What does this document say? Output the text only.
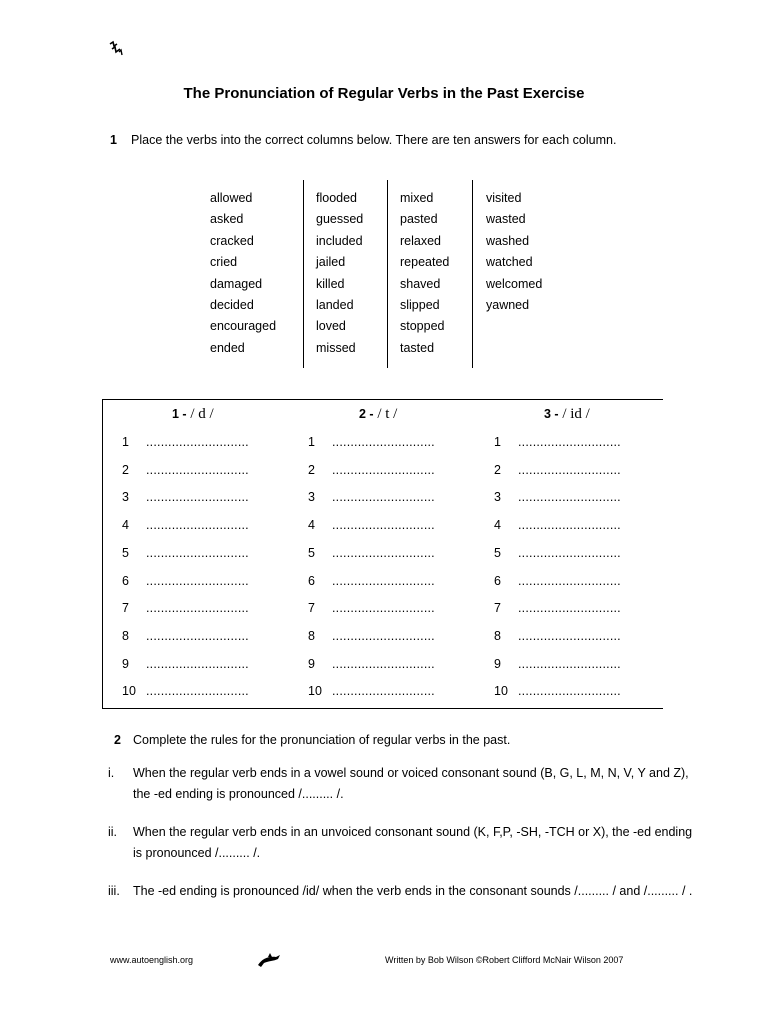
The Pronunciation of Regular Verbs in the Past Exercise
1 Place the verbs into the correct columns below. There are ten answers for each column.
allowed
asked
cracked
cried
damaged
decided
encouraged
ended
flooded
guessed
included
jailed
killed
landed
loved
missed
mixed
pasted
relaxed
repeated
shaved
slipped
stopped
tasted
visited
wasted
washed
watched
welcomed
yawned
1 - / d /
1 ............................
2 ............................
3 ............................
4 ............................
5 ............................
6 ............................
7 ............................
8 ............................
9 ............................
10 ............................
2 - / t /
1 ............................
2 ............................
3 ............................
4 ............................
5 ............................
6 ............................
7 ............................
8 ............................
9 ............................
10 ............................
3 - / id /
1 ............................
2 ............................
3 ............................
4 ............................
5 ............................
6 ............................
7 ............................
8 ............................
9 ............................
10 ............................
2 Complete the rules for the pronunciation of regular verbs in the past.
i. When the regular verb ends in a vowel sound or voiced consonant sound (B, G, L, M, N, V, Y and Z),
the -ed ending is pronounced /......... /.
ii. When the regular verb ends in an unvoiced consonant sound (K, F,P, -SH, -TCH or X), the -ed ending
is pronounced /......... /.
iii. The -ed ending is pronounced /id/ when the verb ends in the consonant sounds /......... / and /......... / .
www.autoenglish.org	Written by Bob Wilson ©Robert Clifford McNair Wilson 2007
